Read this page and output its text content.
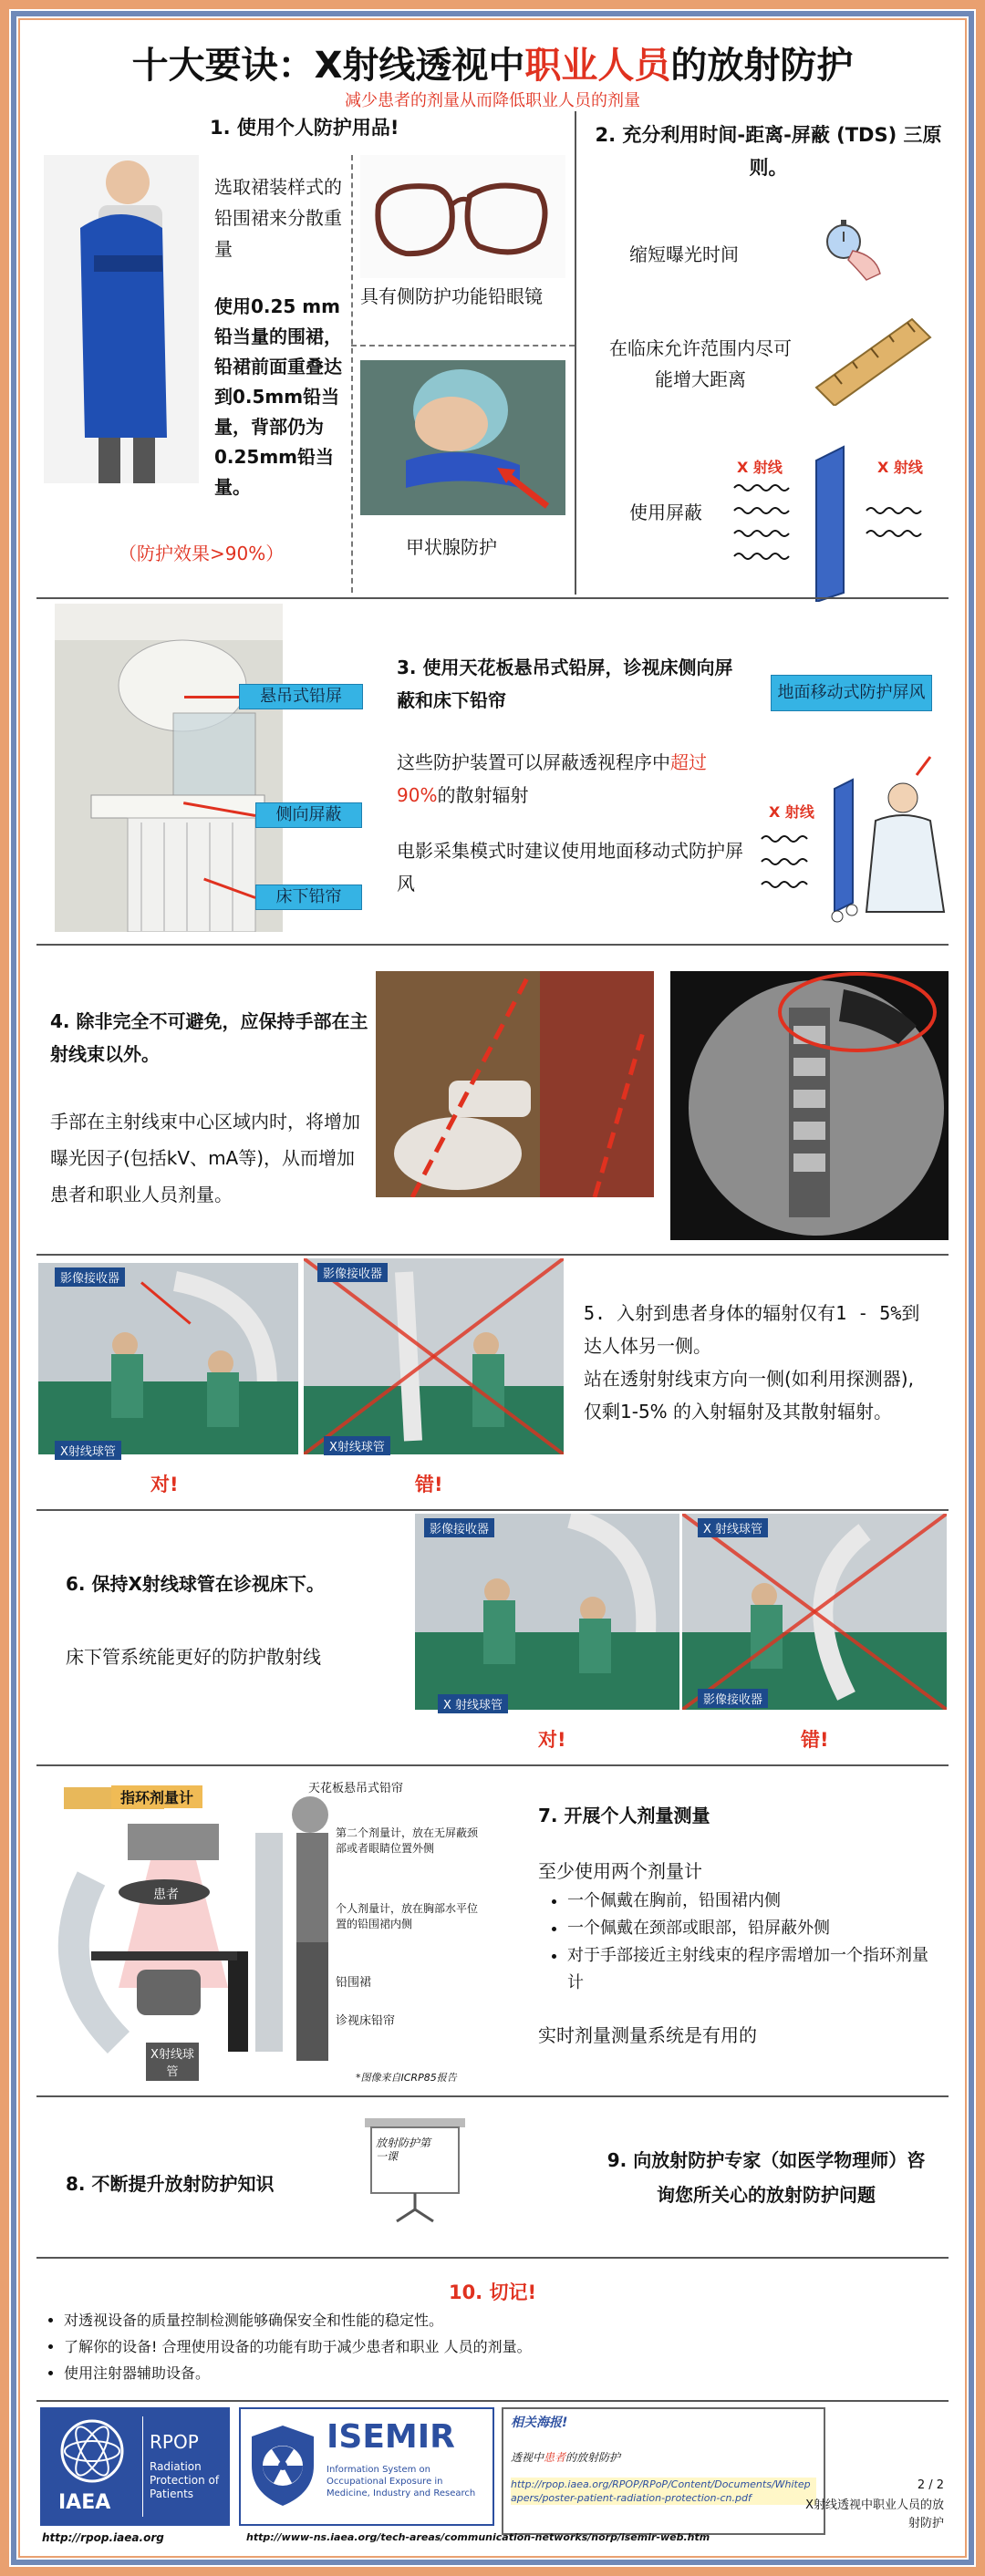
十大要诀：X射线透视中职业人员的放射防护
减少患者的剂量从而降低职业人员的剂量
1. 使用个人防护用品!
选取裙装样式的铅围裙来分散重量
使用0.25 mm铅当量的围裙，铅裙前面重叠达到0.5mm铅当量，背部仍为0.25mm铅当量。
（防护效果>90%）
具有侧防护功能铅眼镜
甲状腺防护
2. 充分利用时间-距离-屏蔽 (TDS) 三原则。
缩短曝光时间
在临床允许范围内尽可能增大距离
使用屏蔽
X 射线	X 射线
悬吊式铅屏
侧向屏蔽
床下铅帘
3. 使用天花板悬吊式铅屏，诊视床侧向屏蔽和床下铅帘
这些防护装置可以屏蔽透视程序中超过90%的散射辐射
电影采集模式时建议使用地面移动式防护屏风
地面移动式防护屏风
X 射线
4. 除非完全不可避免，应保持手部在主射线束以外。
手部在主射线束中心区域内时，将增加曝光因子(包括kV、mA等)，从而增加患者和职业人员剂量。
影像接收器
X射线球管
影像接收器
X射线球管
对!	错!
5. 入射到患者身体的辐射仅有1 - 5%到达人体另一侧。
站在透射射线束方向一侧(如利用探测器), 仅剩1-5% 的入射辐射及其散射辐射。
6. 保持X射线球管在诊视床下。
床下管系统能更好的防护散射线
影像接收器
X 射线球管
X 射线球管
影像接收器
对!	错!
指环剂量计
天花板悬吊式铅帘
第二个剂量计，放在无屏蔽颈部或者眼睛位置外侧
个人剂量计，放在胸部水平位置的铅围裙内侧
铅围裙
诊视床铅帘
患者
X射线球管	*图像来自ICRP85报告
7. 开展个人剂量测量
至少使用两个剂量计
• 一个佩戴在胸前，铅围裙内侧
• 一个佩戴在颈部或眼部，铅屏蔽外侧
• 对于手部接近主射线束的程序需增加一个指环剂量计
实时剂量测量系统是有用的
8. 不断提升放射防护知识
放射防护第一课	9. 向放射防护专家（如医学物理师）咨询您所关心的放射防护问题
10. 切记!
• 对透视设备的质量控制检测能够确保安全和性能的稳定性。
• 了解你的设备! 合理使用设备的功能有助于减少患者和职业 人员的剂量。
• 使用注射器辅助设备。
IAEA
RPOP
Radiation Protection of Patients
ISEMIR
Information System on Occupational Exposure in Medicine, Industry and Research
相关海报!
透视中患者的放射防护
http://rpop.iaea.org/RPOP/RPoP/Content/Documents/Whitepapers/poster-patient-radiation-protection-cn.pdf
2 / 2
X射线透视中职业人员的放射防护
http://rpop.iaea.org	http://www-ns.iaea.org/tech-areas/communication-networks/norp/isemir-web.htm
